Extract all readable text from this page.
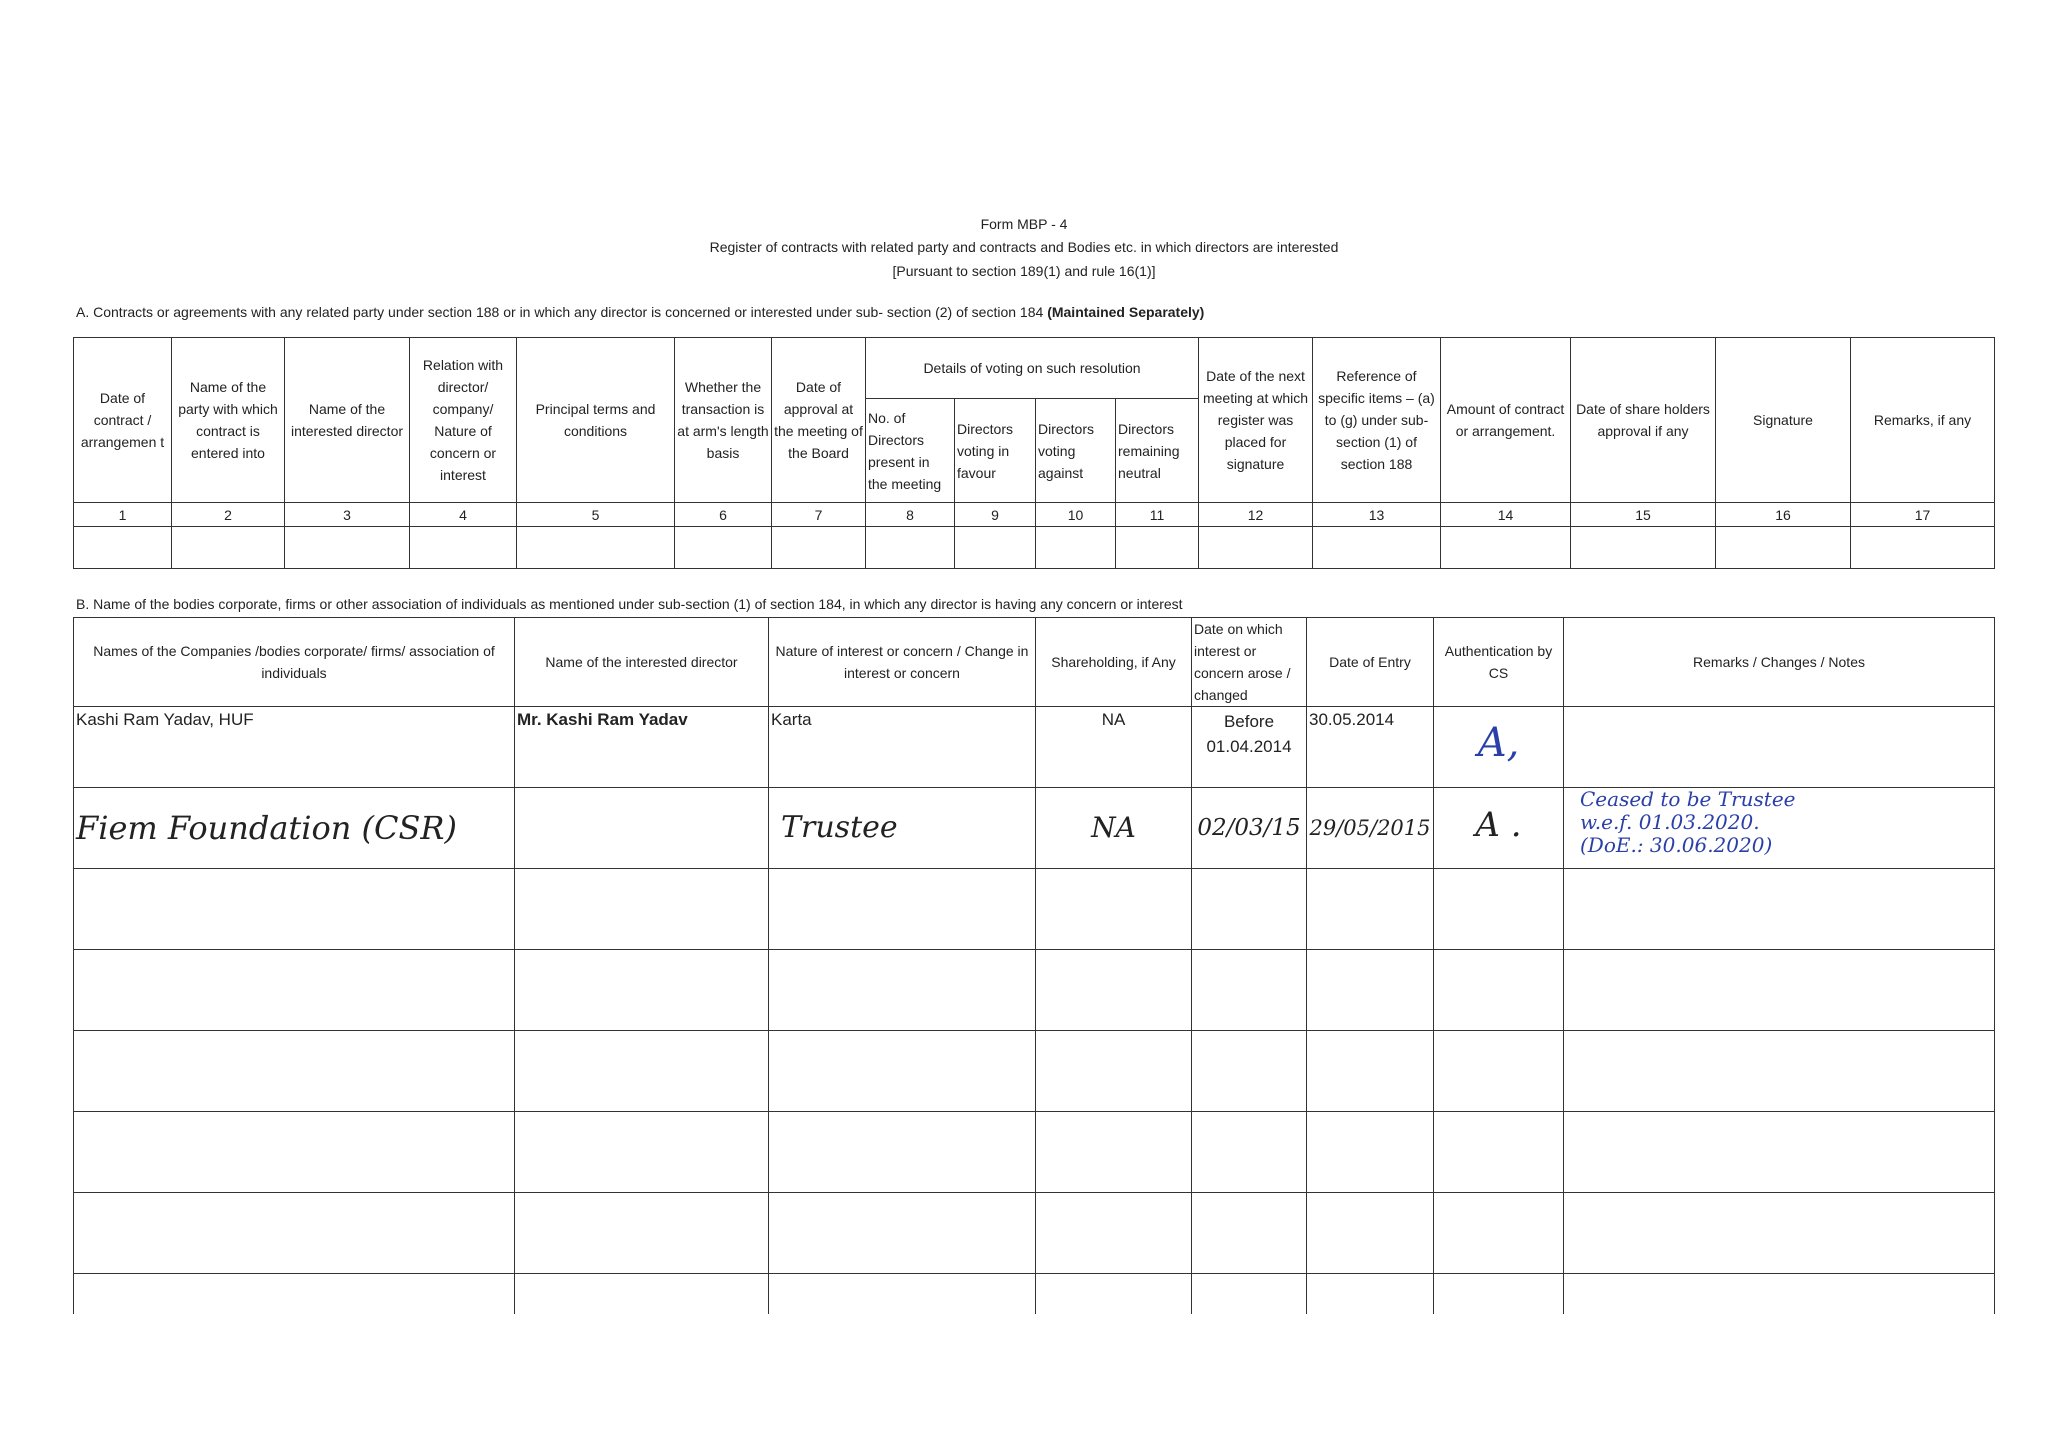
Form MBP - 4
Register of contracts with related party and contracts and Bodies etc. in which directors are interested
[Pursuant to section 189(1) and rule 16(1)]
A. Contracts or agreements with any related party under section 188 or in which any director is concerned or interested under sub- section (2) of section 184 (Maintained Separately)
Date of contract / arrangemen t	Name of the party with which contract is entered into	Name of the interested director	Relation with director/ company/ Nature of concern or interest	Principal terms and conditions	Whether the transaction is at arm's length basis	Date of approval at the meeting of the Board	Details of voting on such resolution				Date of the next meeting at which register was placed for signature	Reference of specific items – (a) to (g) under sub-section (1) of section 188	Amount of contract or arrangement.	Date of share holders approval if any	Signature	Remarks, if any
							No. of Directors present in the meeting	Directors voting in favour	Directors voting against	Directors remaining neutral						
1	2	3	4	5	6	7	8	9	10	11	12	13	14	15	16	17

B. Name of the bodies corporate, firms or other association of individuals as mentioned under sub-section (1) of section 184, in which any director is having any concern or interest
Names of the Companies /bodies corporate/ firms/ association of individuals	Name of the interested director	Nature of interest or concern / Change in interest or concern	Shareholding, if Any	Date on which interest or concern arose / changed	Date of Entry	Authentication by CS	Remarks / Changes / Notes
Kashi Ram Yadav, HUF	Mr. Kashi Ram Yadav	Karta	NA	Before
01.04.2014	30.05.2014	A,	
Fiem Foundation (CSR)		Trustee	NA	02/03/15	29/05/2015	A .	Ceased to be Trustee
w.e.f. 01.03.2020.
(DoE.: 30.06.2020)
